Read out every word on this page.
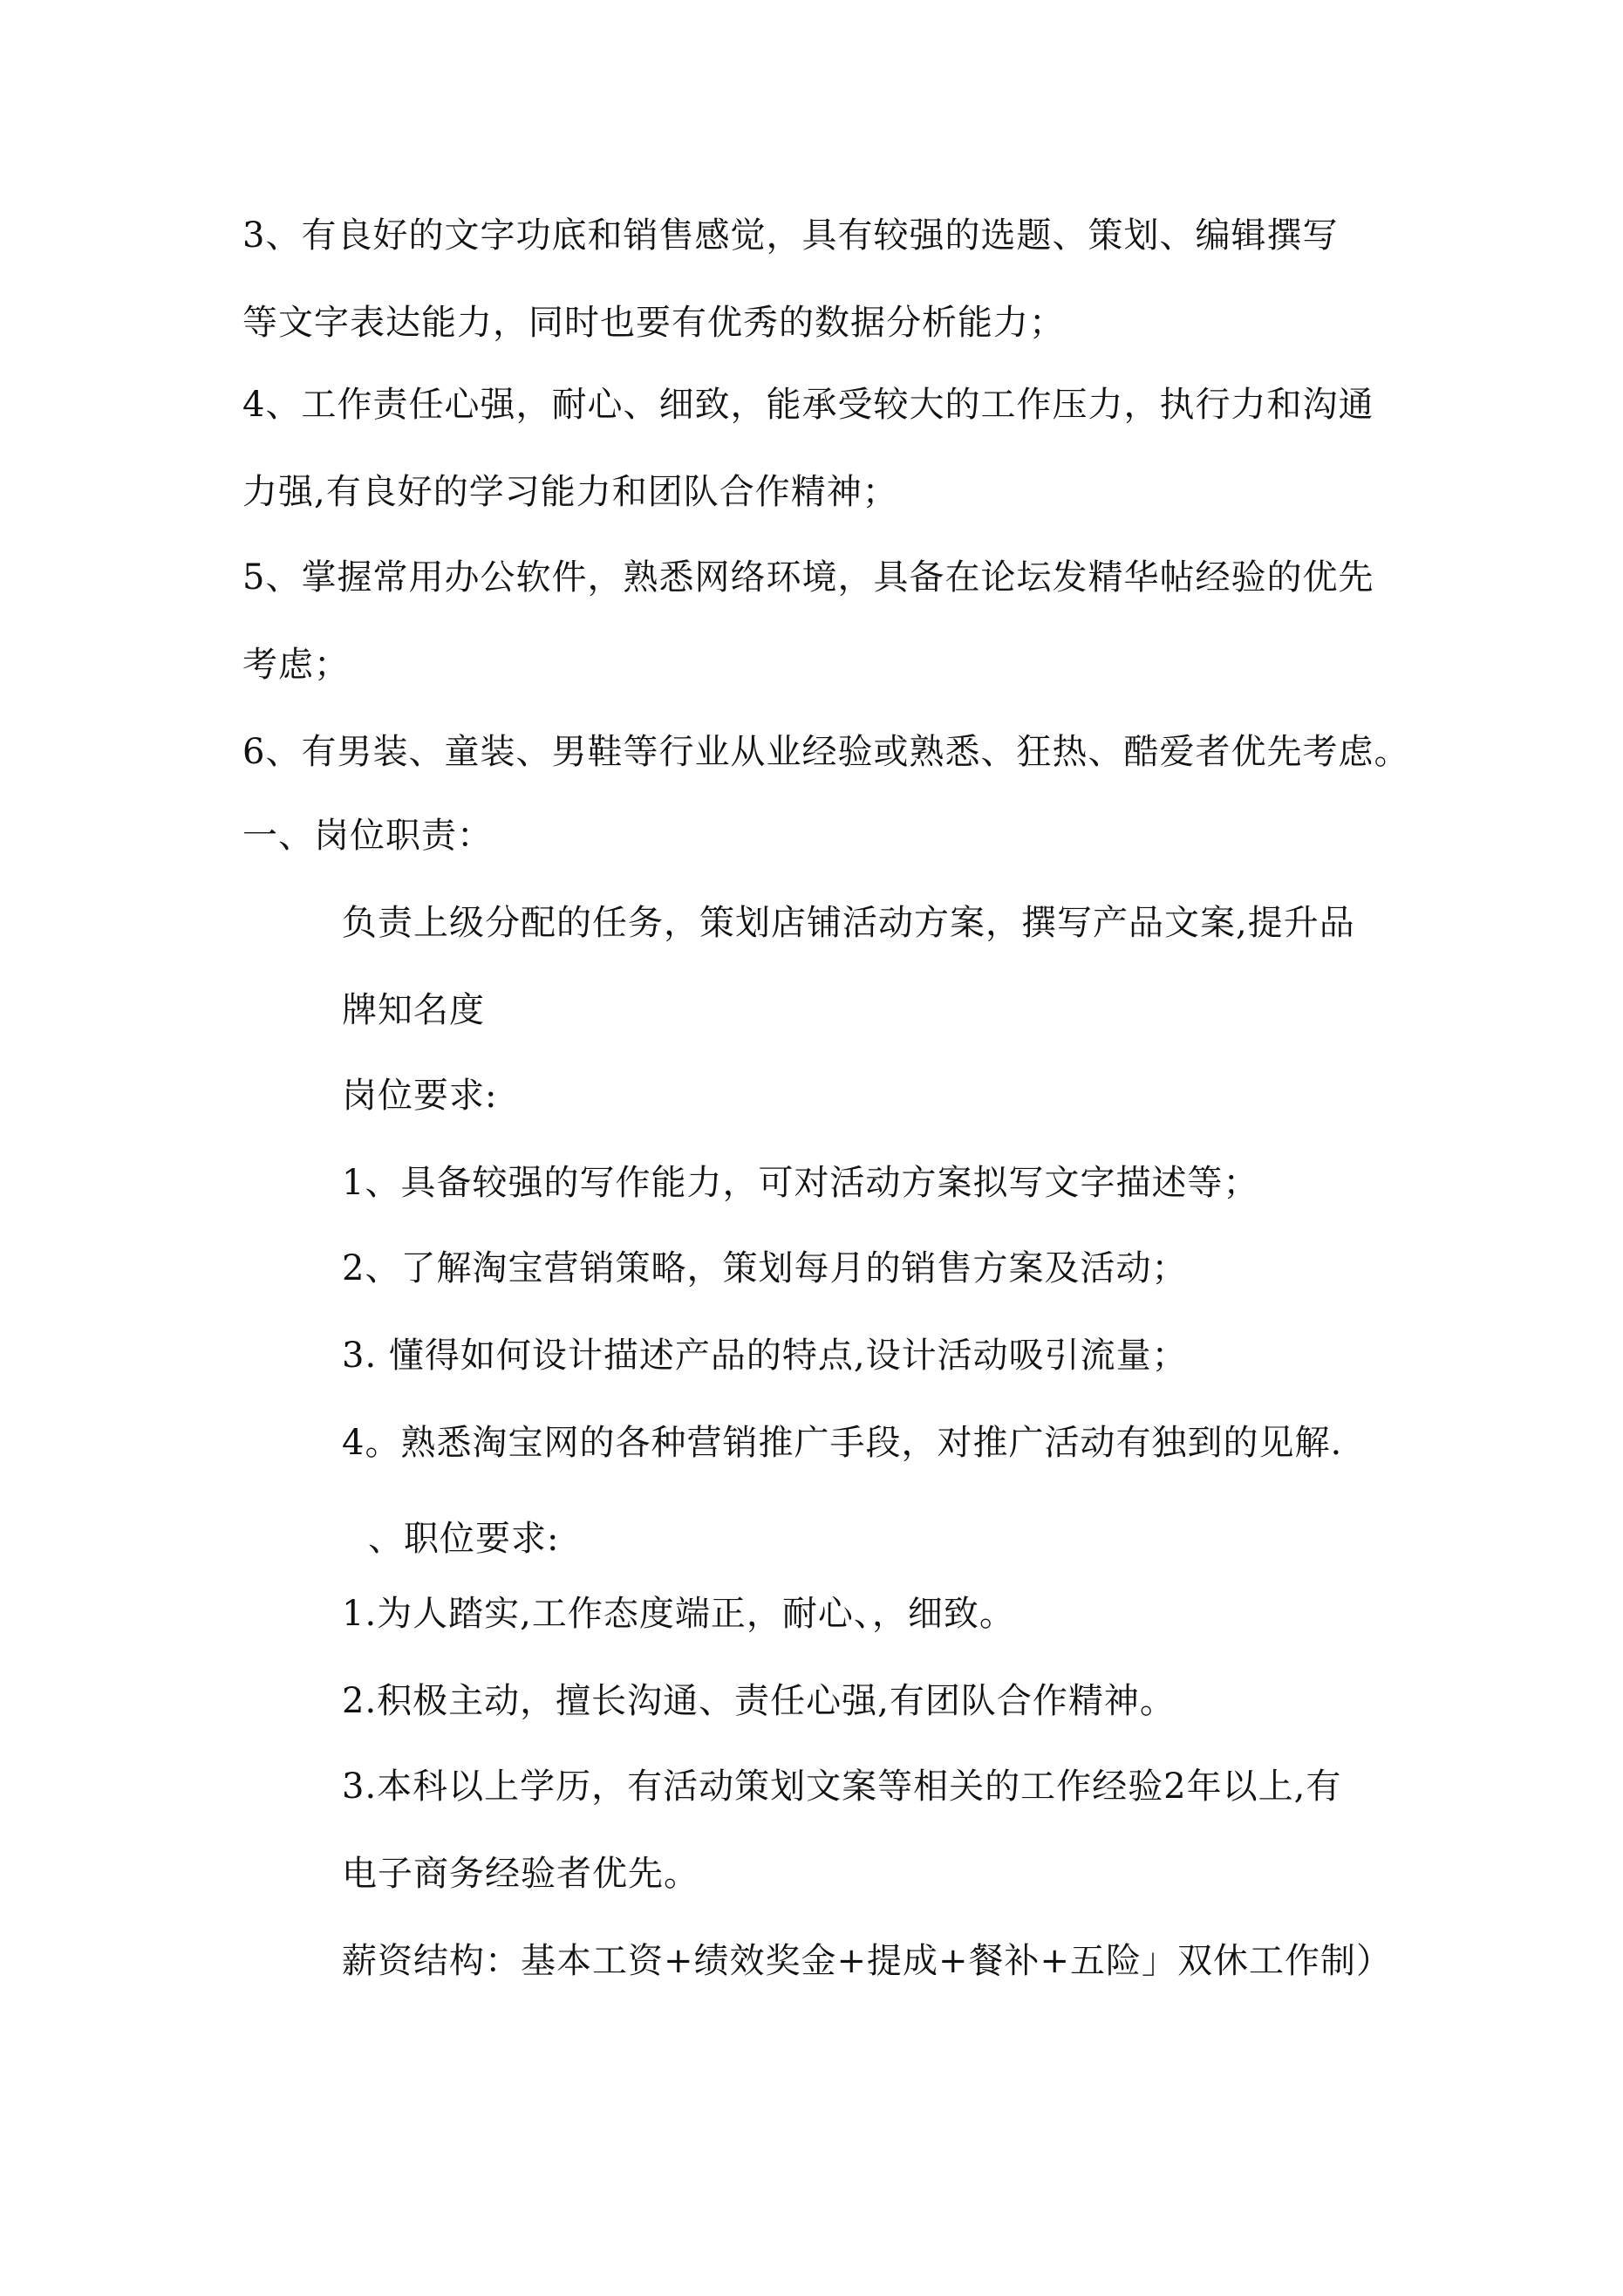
3、有良好的文字功底和销售感觉，具有较强的选题、策划、编辑撰写
等文字表达能力，同时也要有优秀的数据分析能力；
4、工作责任心强，耐心、细致，能承受较大的工作压力，执行力和沟通
力强,有良好的学习能力和团队合作精神；
5、掌握常用办公软件，熟悉网络环境，具备在论坛发精华帖经验的优先
考虑；
6、有男装、童装、男鞋等行业从业经验或熟悉、狂热、酷爱者优先考虑。
一、岗位职责：
负责上级分配的任务，策划店铺活动方案，撰写产品文案,提升品
牌知名度
岗位要求:
1、具备较强的写作能力，可对活动方案拟写文字描述等；
2、了解淘宝营销策略，策划每月的销售方案及活动；
3. 懂得如何设计描述产品的特点,设计活动吸引流量；
4。熟悉淘宝网的各种营销推广手段，对推广活动有独到的见解.
、职位要求:
1.为人踏实,工作态度端正，耐心、，细致。
2.积极主动，擅长沟通、责任心强,有团队合作精神。
3.本科以上学历，有活动策划文案等相关的工作经验2年以上,有
电子商务经验者优先。
薪资结构：基本工资+绩效奖金+提成+餐补+五险」双休工作制）
